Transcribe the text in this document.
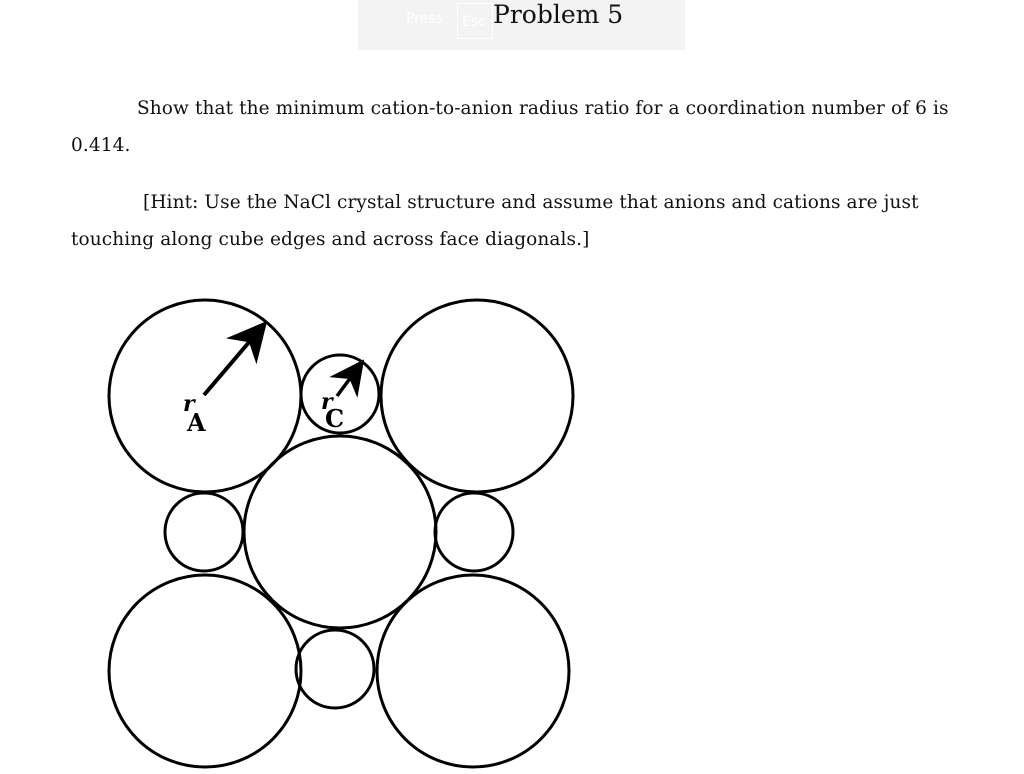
Press	Esc Problem 5

Show that the minimum cation-to-anion radius ratio for a coordination number of 6 is 0.414.

[Hint: Use the NaCl crystal structure and assume that anions and cations are just touching along cube edges and across face diagonals.]

r
A
r
C
